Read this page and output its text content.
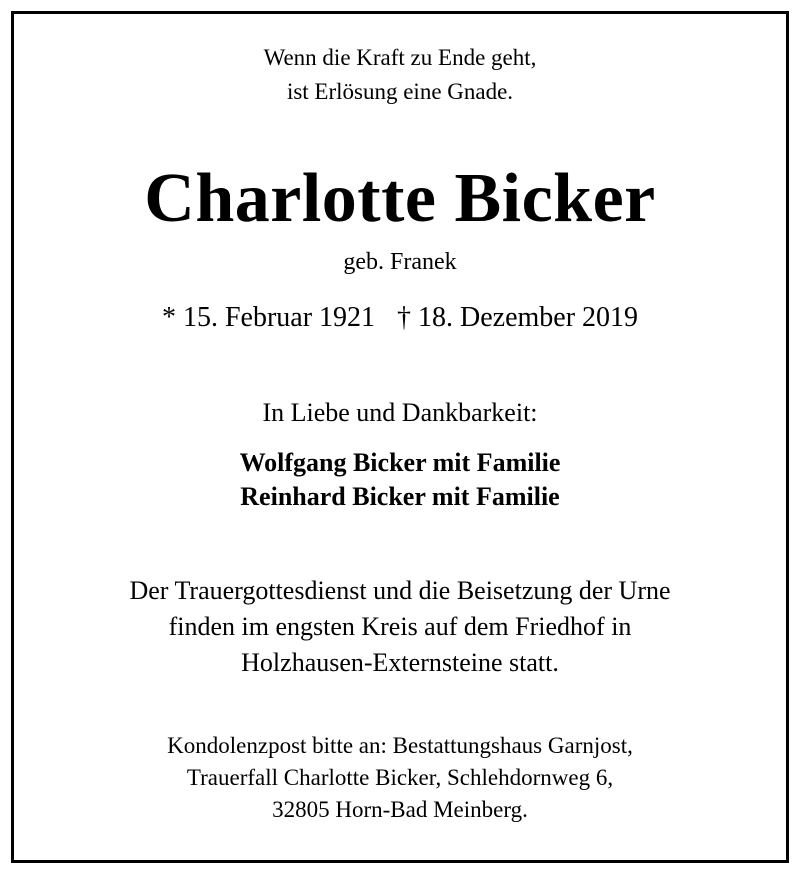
Wenn die Kraft zu Ende geht,
ist Erlösung eine Gnade.
Charlotte Bicker
geb. Franek
* 15. Februar 1921 † 18. Dezember 2019
In Liebe und Dankbarkeit:
Wolfgang Bicker mit Familie
Reinhard Bicker mit Familie
Der Trauergottesdienst und die Beisetzung der Urne
finden im engsten Kreis auf dem Friedhof in
Holzhausen-Externsteine statt.
Kondolenzpost bitte an: Bestattungshaus Garnjost,
Trauerfall Charlotte Bicker, Schlehdornweg 6,
32805 Horn-Bad Meinberg.
